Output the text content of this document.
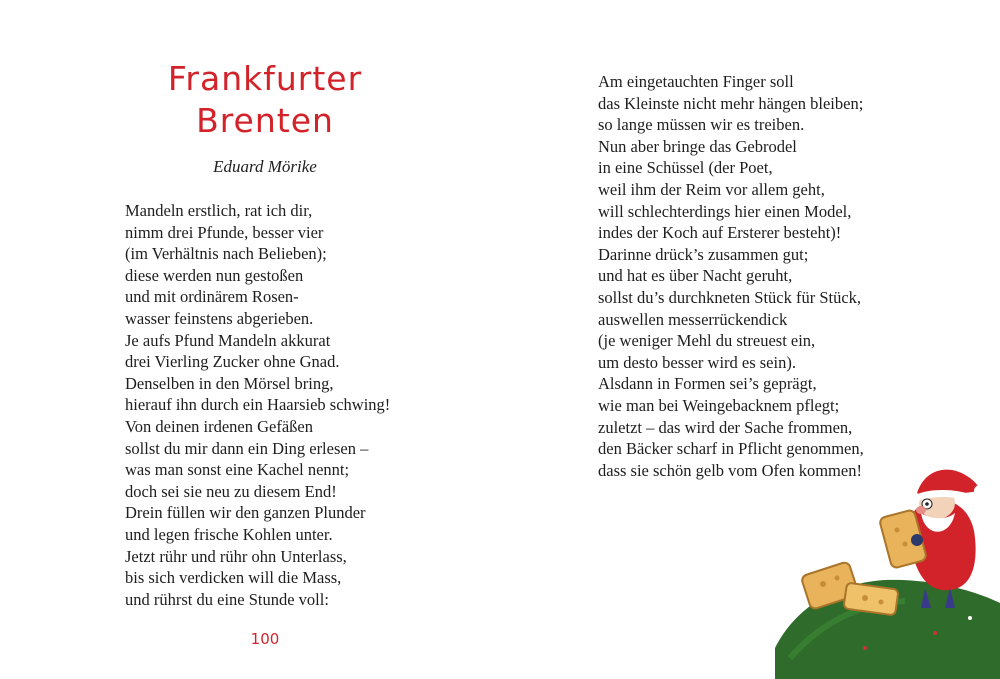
Frankfurter
Brenten
Eduard Mörike
Mandeln erstlich, rat ich dir,
nimm drei Pfunde, besser vier
(im Verhältnis nach Belieben);
diese werden nun gestoßen
und mit ordinärem Rosen-
wasser feinstens abgerieben.
Je aufs Pfund Mandeln akkurat
drei Vierling Zucker ohne Gnad.
Denselben in den Mörsel bring,
hierauf ihn durch ein Haarsieb schwing!
Von deinen irdenen Gefäßen
sollst du mir dann ein Ding erlesen –
was man sonst eine Kachel nennt;
doch sei sie neu zu diesem End!
Drein füllen wir den ganzen Plunder
und legen frische Kohlen unter.
Jetzt rühr und rühr ohn Unterlass,
bis sich verdicken will die Mass,
und rührst du eine Stunde voll:
100
Am eingetauchten Finger soll
das Kleinste nicht mehr hängen bleiben;
so lange müssen wir es treiben.
Nun aber bringe das Gebrodel
in eine Schüssel (der Poet,
weil ihm der Reim vor allem geht,
will schlechterdings hier einen Model,
indes der Koch auf Ersterer besteht)!
Darinne drück’s zusammen gut;
und hat es über Nacht geruht,
sollst du’s durchkneten Stück für Stück,
auswellen messerrückendick
(je weniger Mehl du streuest ein,
um desto besser wird es sein).
Alsdann in Formen sei’s geprägt,
wie man bei Weingebacknem pflegt;
zuletzt – das wird der Sache frommen,
den Bäcker scharf in Pflicht genommen,
dass sie schön gelb vom Ofen kommen!
